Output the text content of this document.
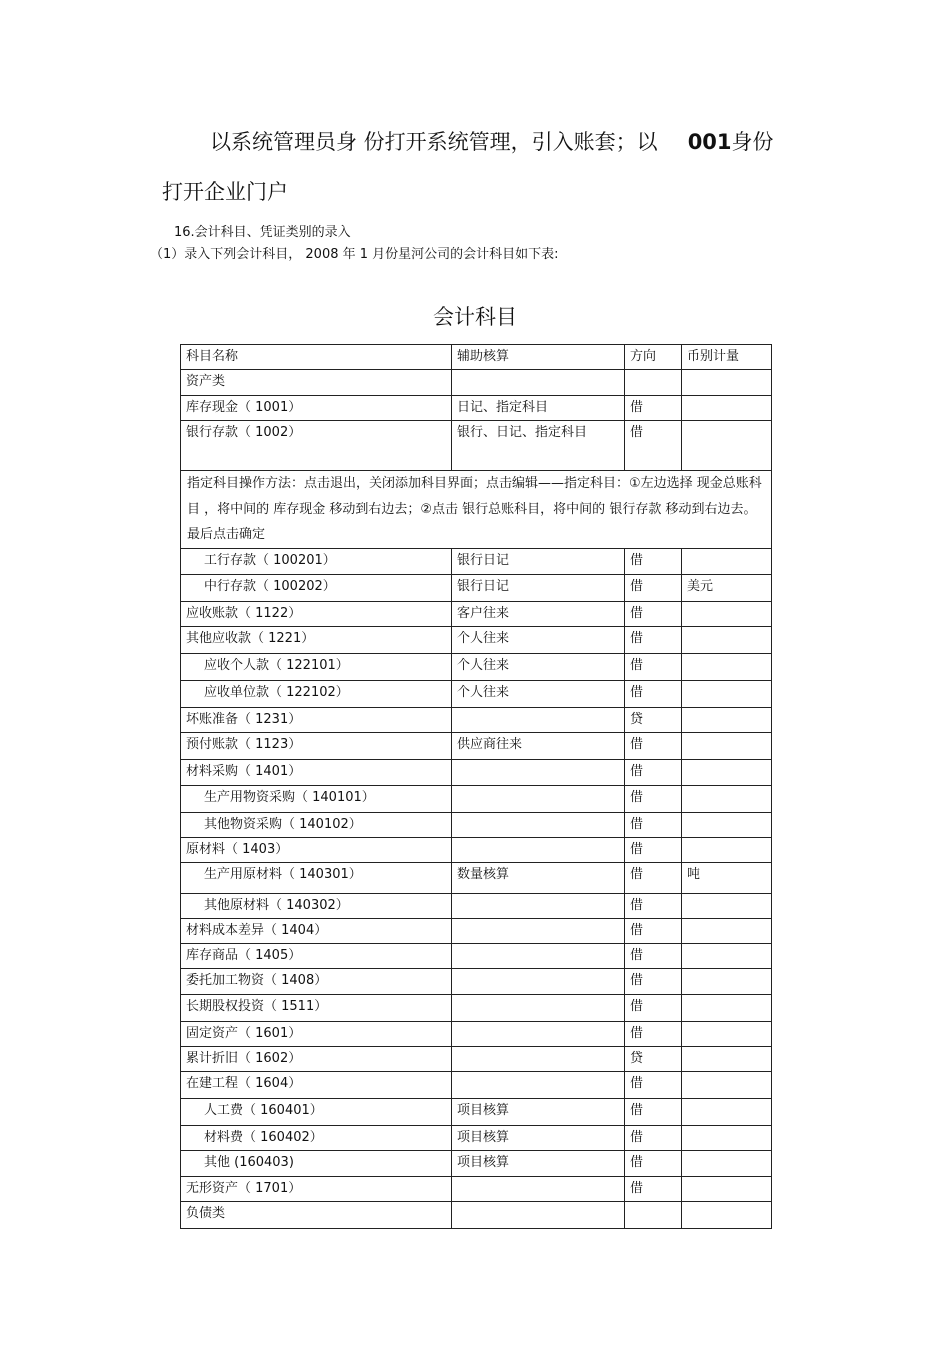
以系统管理员身 份打开系统管理，引入账套；以 001身份
打开企业门户
16.会计科目、凭证类别的录入
（1）录入下列会计科目， 2008 年 1 月份星河公司的会计科目如下表:
会计科目
科目名称	辅助核算	方向	币别计量
资产类			
库存现金（ 1001）	日记、指定科目	借	
银行存款（ 1002）	银行、日记、指定科目	借	
指定科目操作方法：点击退出，关闭添加科目界面；点击编辑——指定科目：①左边选择 现金总账科目 ，将中间的 库存现金 移动到右边去；②点击 银行总账科目，将中间的 银行存款 移动到右边去。最后点击确定			
工行存款（ 100201）	银行日记	借	
中行存款（ 100202）	银行日记	借	美元
应收账款（ 1122）	客户往来	借	
其他应收款（ 1221）	个人往来	借	
应收个人款（ 122101）	个人往来	借	
应收单位款（ 122102）	个人往来	借	
坏账准备（ 1231）		贷	
预付账款（ 1123）	供应商往来	借	
材料采购（ 1401）		借	
生产用物资采购（ 140101）		借	
其他物资采购（ 140102）		借	
原材料（ 1403）		借	
生产用原材料（ 140301）	数量核算	借	吨
其他原材料（ 140302）		借	
材料成本差异（ 1404）		借	
库存商品（ 1405）		借	
委托加工物资（ 1408）		借	
长期股权投资（ 1511）		借	
固定资产（ 1601）		借	
累计折旧（ 1602）		贷	
在建工程（ 1604）		借	
人工费（ 160401）	项目核算	借	
材料费（ 160402）	项目核算	借	
其他 (160403)	项目核算	借	
无形资产（ 1701）		借	
负债类			
